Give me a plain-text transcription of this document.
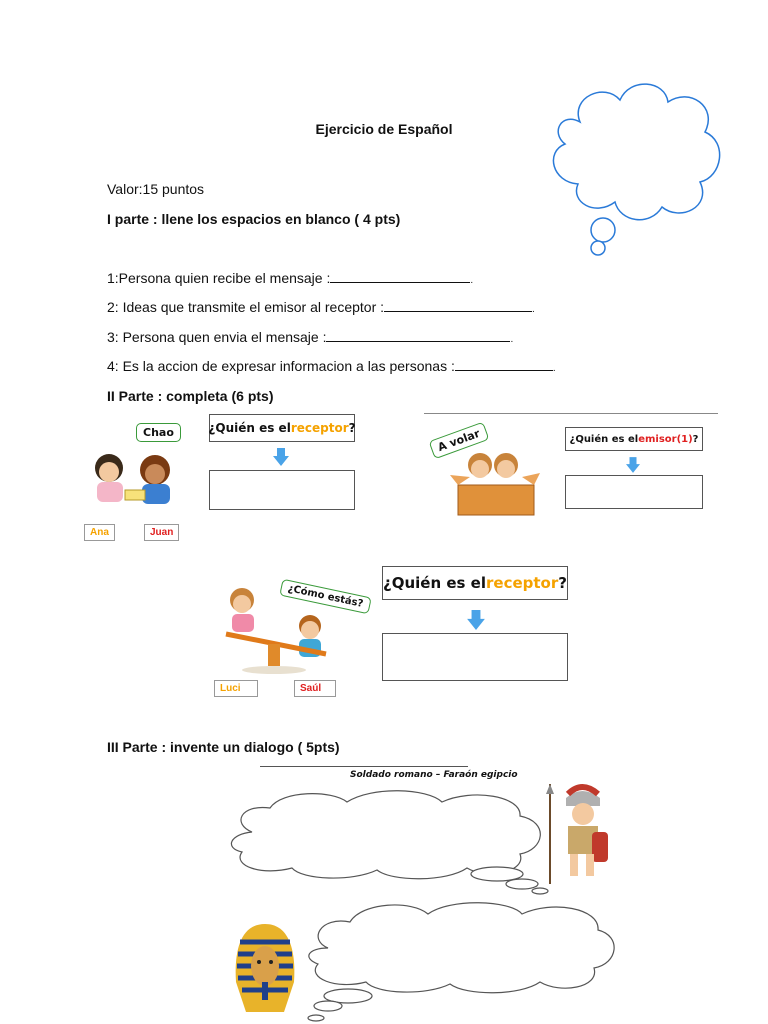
Ejercicio de Español
Valor:15 puntos
I parte : llene los espacios en blanco ( 4 pts)
1:Persona quien recibe el mensaje :	.
2: Ideas que transmite el emisor al receptor :	.
3: Persona quen envia el mensaje :	.
4: Es la accion de expresar informacion a las personas :	.
II Parte : completa (6 pts)
Chao
Ana	Juan
¿Quién es el receptor ?	A volar	¿Quién es el emisor(1) ?
¿Cómo estás?
Luci	Saúl
¿Quién es el receptor ?
III Parte : invente un dialogo ( 5pts)
Soldado romano – Faraón egipcio
